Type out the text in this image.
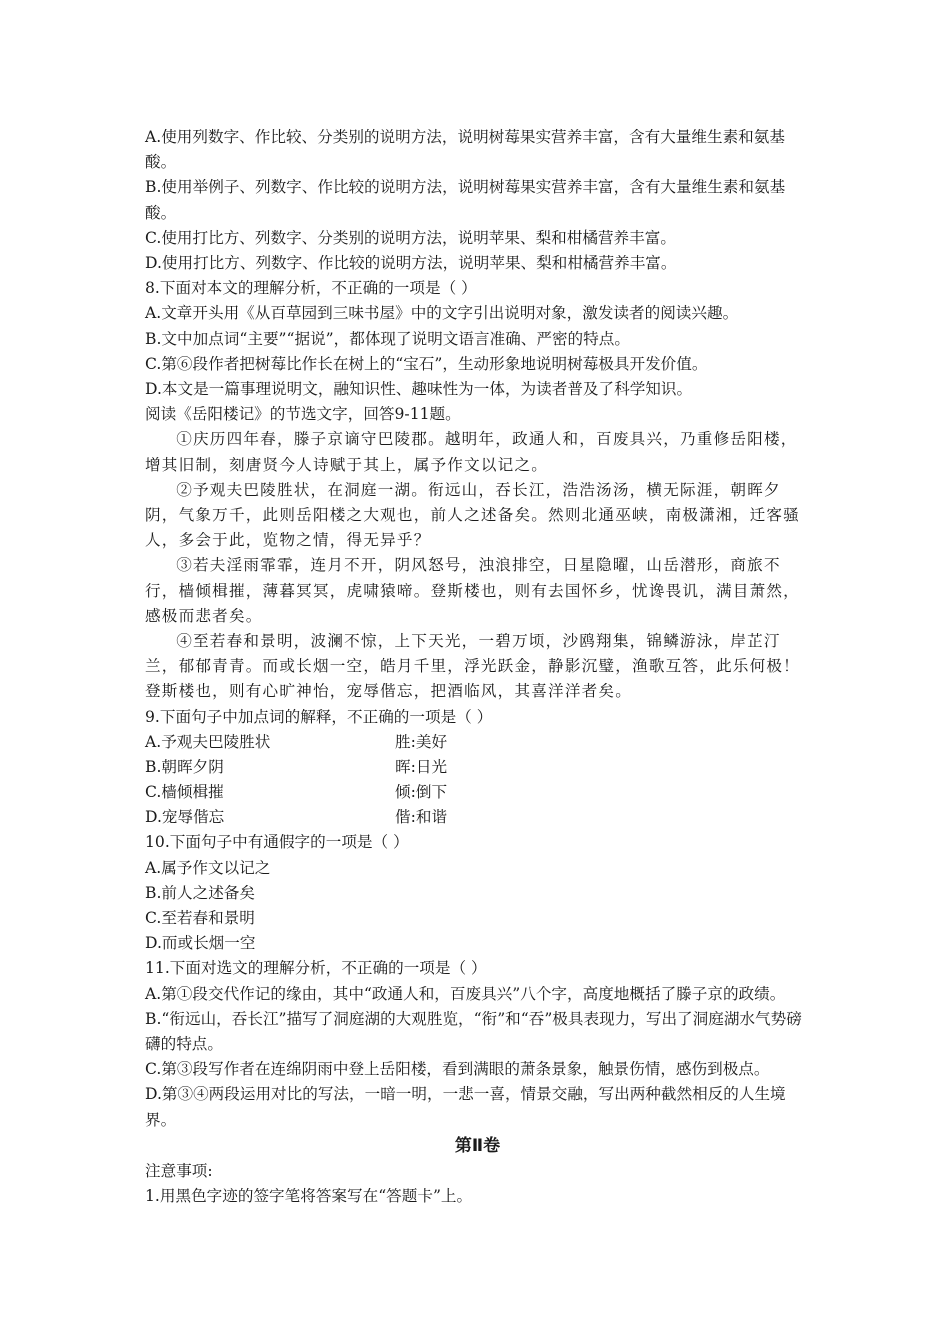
A.使用列数字、作比较、分类别的说明方法，说明树莓果实营养丰富，含有大量维生素和氨基酸。
B.使用举例子、列数字、作比较的说明方法，说明树莓果实营养丰富，含有大量维生素和氨基酸。
C.使用打比方、列数字、分类别的说明方法，说明苹果、梨和柑橘营养丰富。
D.使用打比方、列数字、作比较的说明方法，说明苹果、梨和柑橘营养丰富。
8.下面对本文的理解分析，不正确的一项是（ ）
A.文章开头用《从百草园到三味书屋》中的文字引出说明对象，激发读者的阅读兴趣。
B.文中加点词“主要”“据说”，都体现了说明文语言准确、严密的特点。
C.第⑥段作者把树莓比作长在树上的“宝石”，生动形象地说明树莓极具开发价值。
D.本文是一篇事理说明文，融知识性、趣味性为一体，为读者普及了科学知识。
阅读《岳阳楼记》的节选文字，回答9-11题。
①庆历四年春，滕子京谪守巴陵郡。越明年，政通人和，百废具兴，乃重修岳阳楼，增其旧制，刻唐贤今人诗赋于其上，属予作文以记之。
②予观夫巴陵胜状，在洞庭一湖。衔远山，吞长江，浩浩汤汤，横无际涯，朝晖夕阴，气象万千，此则岳阳楼之大观也，前人之述备矣。然则北通巫峡，南极潇湘，迁客骚人，多会于此，览物之情，得无异乎？
③若夫淫雨霏霏，连月不开，阴风怒号，浊浪排空，日星隐曜，山岳潜形，商旅不行，樯倾楫摧，薄暮冥冥，虎啸猿啼。登斯楼也，则有去国怀乡，忧谗畏讥，满目萧然，感极而悲者矣。
④至若春和景明，波澜不惊，上下天光，一碧万顷，沙鸥翔集，锦鳞游泳，岸芷汀兰，郁郁青青。而或长烟一空，皓月千里，浮光跃金，静影沉璧，渔歌互答，此乐何极！登斯楼也，则有心旷神怡，宠辱偕忘，把酒临风，其喜洋洋者矣。
9.下面句子中加点词的解释，不正确的一项是（ ）
A.予观夫巴陵胜状	胜:美好
B.朝晖夕阴	晖:日光
C.樯倾楫摧	倾:倒下
D.宠辱偕忘	偕:和谐
10.下面句子中有通假字的一项是（ ）
A.属予作文以记之
B.前人之述备矣
C.至若春和景明
D.而或长烟一空
11.下面对选文的理解分析，不正确的一项是（ ）
A.第①段交代作记的缘由，其中“政通人和，百废具兴”八个字，高度地概括了滕子京的政绩。
B.“衔远山，吞长江”描写了洞庭湖的大观胜览，“衔”和“吞”极具表现力，写出了洞庭湖水气势磅礴的特点。
C.第③段写作者在连绵阴雨中登上岳阳楼，看到满眼的萧条景象，触景伤情，感伤到极点。
D.第③④两段运用对比的写法，一暗一明，一悲一喜，情景交融，写出两种截然相反的人生境界。
第Ⅱ卷
注意事项:
1.用黑色字迹的签字笔将答案写在“答题卡”上。
